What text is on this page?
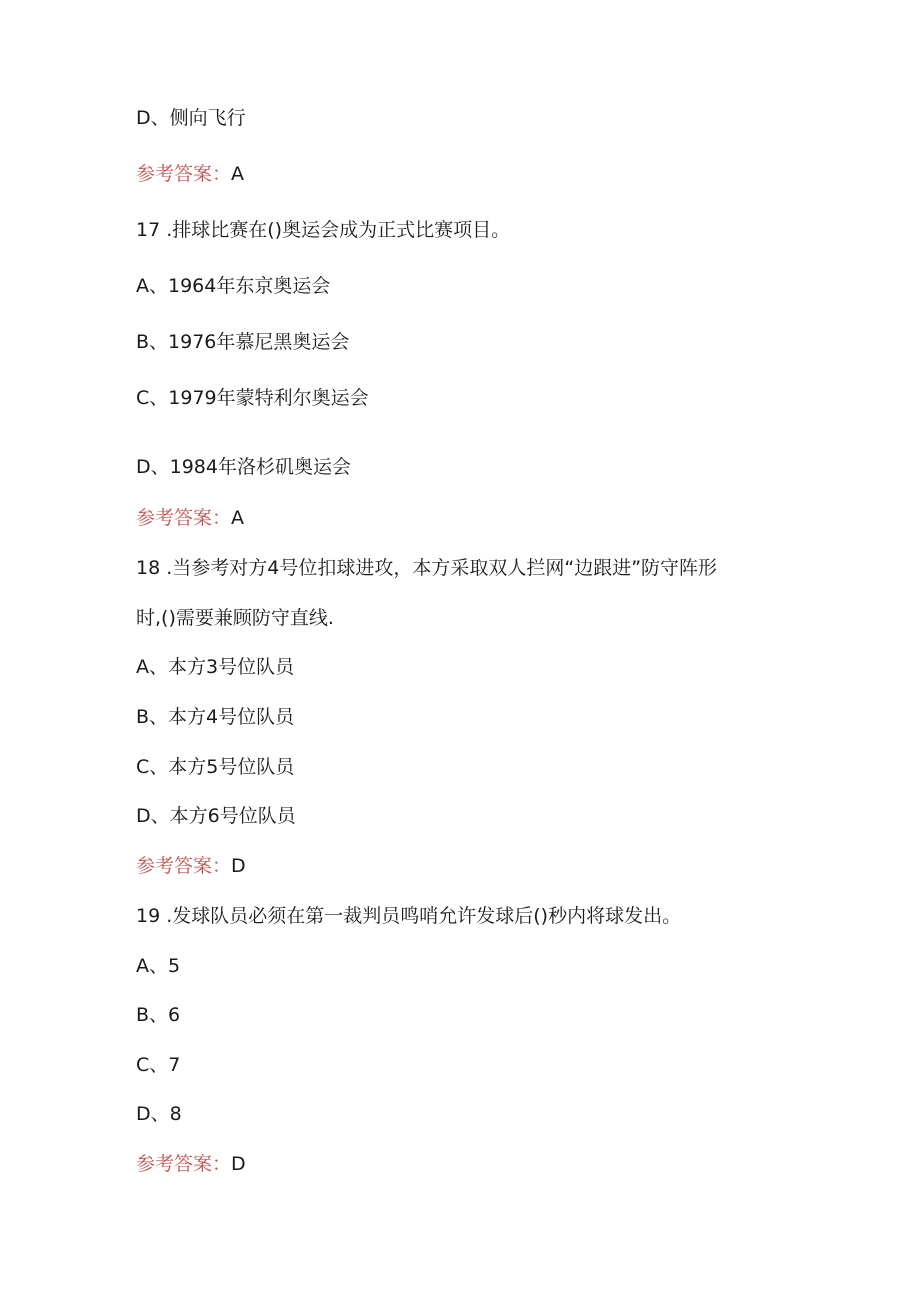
D、侧向飞行
参考答案：A
17 .排球比赛在()奥运会成为正式比赛项目。
A、1964年东京奥运会
B、1976年慕尼黑奥运会
C、1979年蒙特利尔奥运会
D、1984年洛杉矶奥运会
参考答案：A
18 .当参考对方4号位扣球进攻，本方采取双人拦网“边跟进”防守阵形
时,()需要兼顾防守直线.
A、本方3号位队员
B、本方4号位队员
C、本方5号位队员
D、本方6号位队员
参考答案：D
19 .发球队员必须在第一裁判员鸣哨允许发球后()秒内将球发出。
A、5
B、6
C、7
D、8
参考答案：D
